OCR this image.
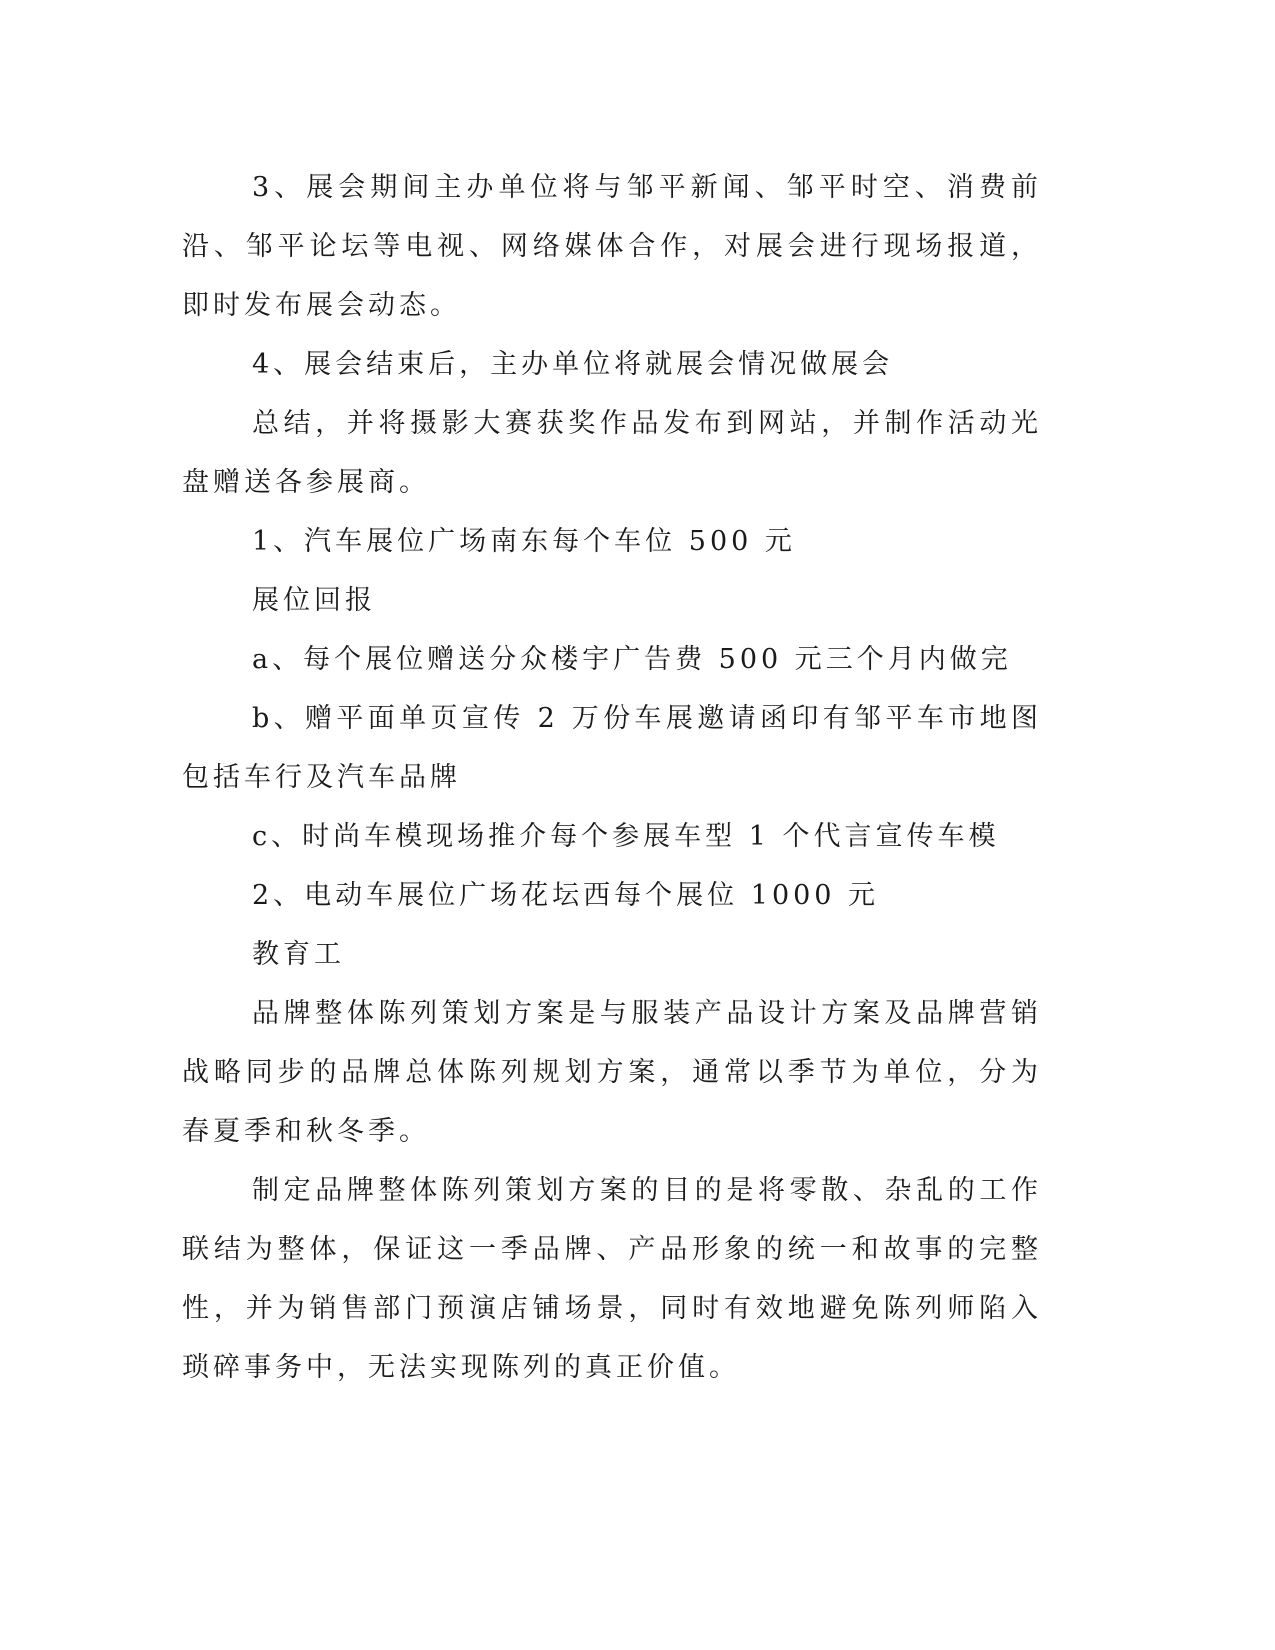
3、展会期间主办单位将与邹平新闻、邹平时空、消费前沿、邹平论坛等电视、网络媒体合作，对展会进行现场报道，即时发布展会动态。

4、展会结束后，主办单位将就展会情况做展会

总结，并将摄影大赛获奖作品发布到网站，并制作活动光盘赠送各参展商。

1、汽车展位广场南东每个车位 500 元

展位回报

a、每个展位赠送分众楼宇广告费 500 元三个月内做完

b、赠平面单页宣传 2 万份车展邀请函印有邹平车市地图包括车行及汽车品牌

c、时尚车模现场推介每个参展车型 1 个代言宣传车模

2、电动车展位广场花坛西每个展位 1000 元

教育工

品牌整体陈列策划方案是与服装产品设计方案及品牌营销战略同步的品牌总体陈列规划方案，通常以季节为单位，分为春夏季和秋冬季。

制定品牌整体陈列策划方案的目的是将零散、杂乱的工作联结为整体，保证这一季品牌、产品形象的统一和故事的完整性，并为销售部门预演店铺场景，同时有效地避免陈列师陷入琐碎事务中，无法实现陈列的真正价值。
